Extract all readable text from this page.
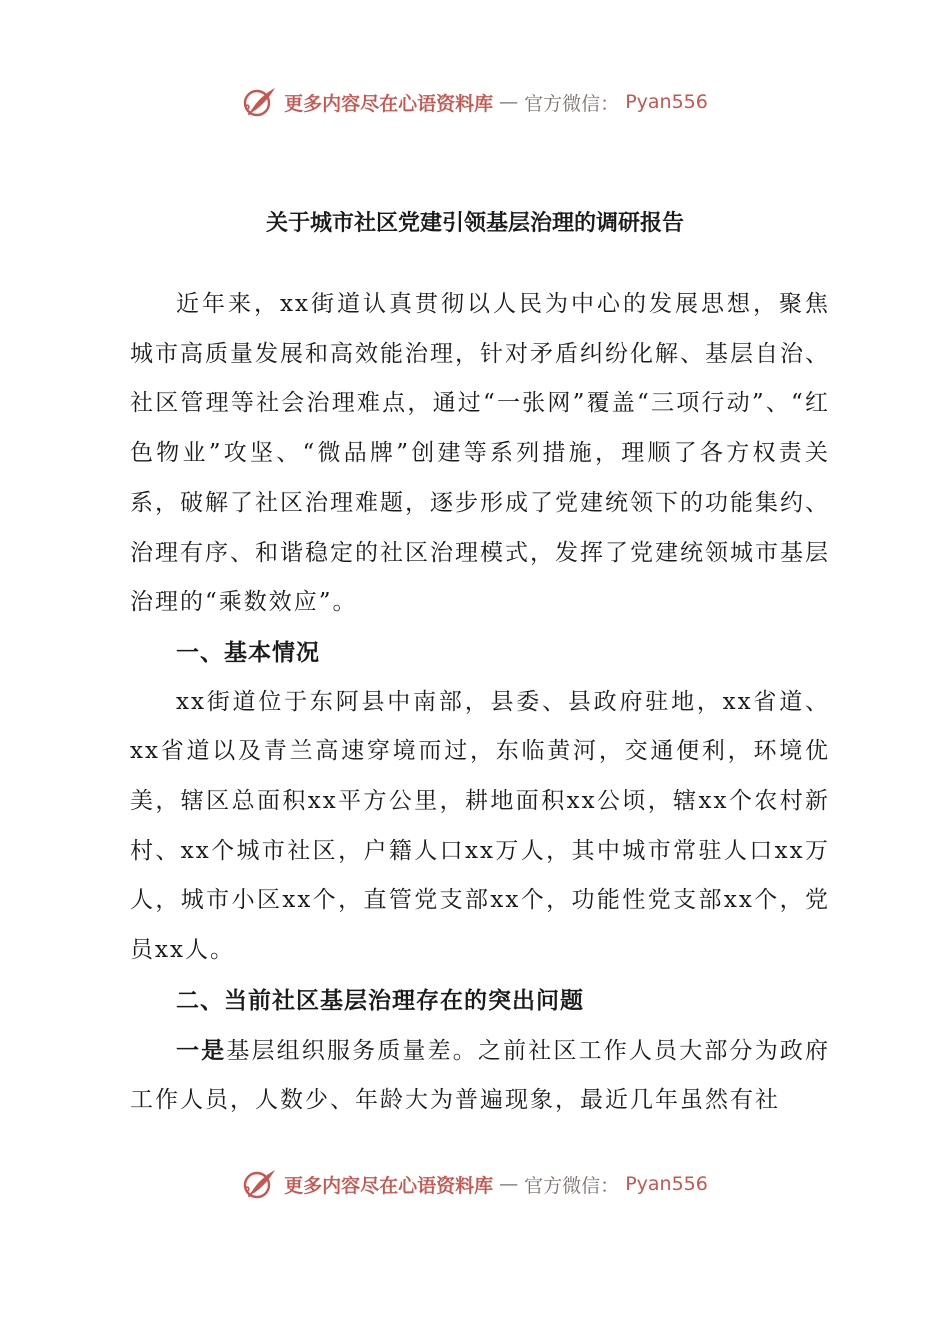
更多内容尽在心语资料库 — 官方微信： Pyan556
关于城市社区党建引领基层治理的调研报告

近年来，xx街道认真贯彻以人民为中心的发展思想，聚焦城市高质量发展和高效能治理，针对矛盾纠纷化解、基层自治、社区管理等社会治理难点，通过“一张网”覆盖“三项行动”、“红色物业”攻坚、“微品牌”创建等系列措施，理顺了各方权责关系，破解了社区治理难题，逐步形成了党建统领下的功能集约、治理有序、和谐稳定的社区治理模式，发挥了党建统领城市基层治理的“乘数效应”。

一、基本情况

xx街道位于东阿县中南部，县委、县政府驻地，xx省道、xx省道以及青兰高速穿境而过，东临黄河，交通便利，环境优美，辖区总面积xx平方公里，耕地面积xx公顷，辖xx个农村新村、xx个城市社区，户籍人口xx万人，其中城市常驻人口xx万人，城市小区xx个，直管党支部xx个，功能性党支部xx个，党员xx人。

二、当前社区基层治理存在的突出问题

一是基层组织服务质量差。之前社区工作人员大部分为政府工作人员，人数少、年龄大为普遍现象，最近几年虽然有社

更多内容尽在心语资料库 — 官方微信： Pyan556
